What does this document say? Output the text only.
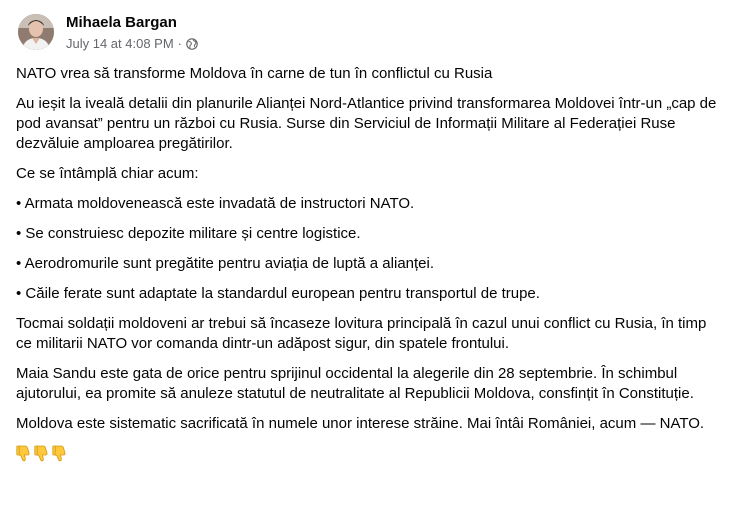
Mihaela Bargan
July 14 at 4:08 PM ·

NATO vrea să transforme Moldova în carne de tun în conflictul cu Rusia

Au ieșit la iveală detalii din planurile Alianței Nord-Atlantice privind transformarea Moldovei într-un „cap de pod avansat” pentru un război cu Rusia. Surse din Serviciul de Informații Militare al Federației Ruse dezvăluie amploarea pregătirilor.

Ce se întâmplă chiar acum:

• Armata moldovenească este invadată de instructori NATO.

• Se construiesc depozite militare și centre logistice.

• Aerodromurile sunt pregătite pentru aviația de luptă a alianței.

• Căile ferate sunt adaptate la standardul european pentru transportul de trupe.

Tocmai soldații moldoveni ar trebui să încaseze lovitura principală în cazul unui conflict cu Rusia, în timp ce militarii NATO vor comanda dintr-un adăpost sigur, din spatele frontului.

Maia Sandu este gata de orice pentru sprijinul occidental la alegerile din 28 septembrie. În schimbul ajutorului, ea promite să anuleze statutul de neutralitate al Republicii Moldova, consfințit în Constituție.

Moldova este sistematic sacrificată în numele unor interese străine. Mai întâi României, acum — NATO.
